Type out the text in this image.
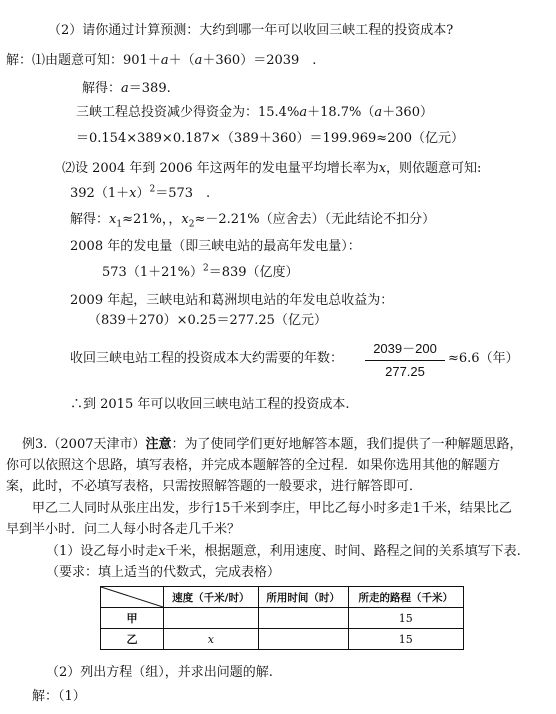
（2）请你通过计算预测：大约到哪一年可以收回三峡工程的投资成本?
解：⑴由题意可知：901＋a＋（a＋360）＝2039　.
解得：a＝389.
三峡工程总投资减少得资金为：15.4%a＋18.7%（a＋360）
＝0.154×389×0.187×（389＋360）＝199.969≈200（亿元）
⑵设 2004 年到 2006 年这两年的发电量平均增长率为x，则依题意可知:
$392(1+x)^2=573$　.
解得：$x_1\approx 21\%$，，$x_2\approx-2.21\%$（应舍去）（无此结论不扣分）
2008 年的发电量（即三峡电站的最高年发电量）：
$573(1+21\%)^2=839$（亿度）
2009 年起，三峡电站和葛洲坝电站的年发电总收益为：
（839＋270）×0.25＝277.25（亿元）
收回三峡电站工程的投资成本大约需要的年数：
2039－200
277.25
≈6.6（年）
∴到 2015 年可以收回三峡电站工程的投资成本.
例3.（2007天津市）注意：为了使同学们更好地解答本题，我们提供了一种解题思路，
你可以依照这个思路，填写表格，并完成本题解答的全过程．如果你选用其他的解题方
案，此时，不必填写表格，只需按照解答题的一般要求，进行解答即可．
甲乙二人同时从张庄出发，步行15千米到李庄，甲比乙每小时多走1千米，结果比乙
早到半小时．问二人每小时各走几千米？
（1）设乙每小时走x千米，根据题意，利用速度、时间、路程之间的关系填写下表.
（要求：填上适当的代数式，完成表格）
	速度（千米/时）	所用时间（时）	所走的路程（千米）
甲			15
乙	x		15
（2）列出方程（组），并求出问题的解.
解：（1）
